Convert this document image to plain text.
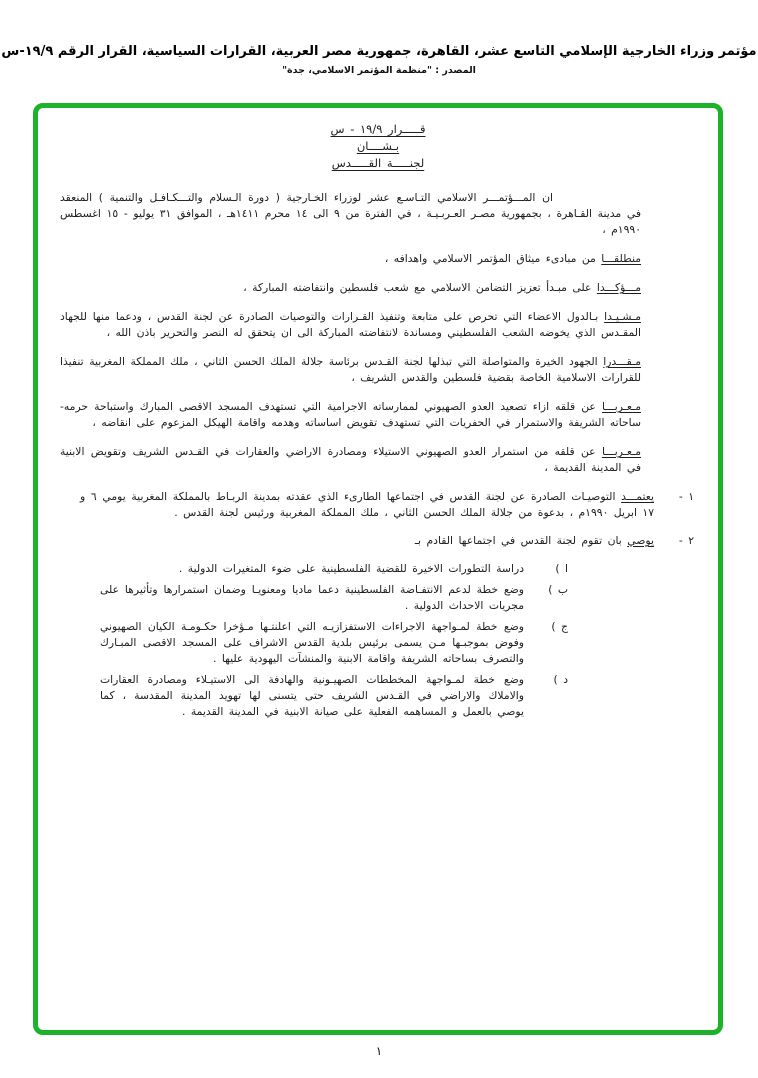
مؤتمر وزراء الخارجية الإسلامي التاسع عشر، القاهرة، جمهورية مصر العربية، القرارات السياسية، القرار الرقم ١٩/٩-س
المصدر : "منظمة المؤتمر الاسلامي، جدة"
قـــــرار ١٩/٩ - س
بـشــــان
لجنـــــة القـــــدس

ان المـــؤتمـــر الاسلامي التـاسـع عشر لوزراء الخـارجية ( دورة الـسلام والتـــكـافـل والتنمية ) المنعقد في مدينة القـاهرة ، بجمهورية مصـر العـربـيـة ، في الفترة من ٩ الى ١٤ محرم ١٤١١هـ ، الموافق ٣١ يوليو - ١٥ اغسطس ١٩٩٠م ،

منطلقـــا من مبادىء ميثاق المؤتمر الاسلامي واهدافه ،

مـــؤكـــدا على مبـدأ تعزيز التضامن الاسلامي مع شعب فلسطين وانتفاضته المباركة ،

مـشـيـدا بـالدول الاعضاء التي تحرص على متابعة وتنفيذ القـرارات والتوصيات الصادرة عن لجنة القدس ، ودعما منها للجهاد المقـدس الذي يخوضه الشعب الفلسطيني ومساندة لانتفاضته المباركة الى ان يتحقق له النصر والتحرير باذن الله ،

مـقـــدرا الجهود الخيرة والمتواصلة التي تبذلها لجنة القـدس برئاسة جلالة الملك الحسن الثاني ، ملك المملكة المغربية تنفيذا للقرارات الاسلامية الخاصة بقضية فلسطين والقدس الشريف ،

مـعـربـــا عن قلقه ازاء تصعيد العدو الصهيوني لممارساته الاجرامية التي تستهدف المسجد الاقصى المبارك واستباحة حرمه- ساحاته الشريفة والاستمرار في الحفريات التي تستهدف تقويض اساساته وهدمه واقامة الهيكل المزعوم على انقاضه ،

مـعـربـــا عن قلقه من استمرار العدو الصهيوني الاستيلاء ومصادرة الاراضي والعقارات في القـدس الشريف وتقويض الابنية في المدينة القديمة ،

١ -

يعتمـــد التوصيـات الصادرة عن لجنة القدس في اجتماعها الطارىء الذي عقدته بمدينة الربـاط بالمملكة المغربية يومي ٦ و ١٧ ابريل ١٩٩٠م ، بدعوة من جلالة الملك الحسن الثاني ، ملك المملكة المغربية ورئيس لجنة القدس .

٢ -

يوصي بان تقوم لجنة القدس في اجتماعها القادم بـ

ا )

دراسة التطورات الاخيرة للقضية الفلسطينية على ضوء المتغيرات الدولية .

ب )

وضع خطة لدعم الانتفـاضة الفلسطينية دعما ماديا ومعنويـا وضمان استمرارها وتأثيرها على مجريات الاحداث الدولية .

ج )

وضع خطة لمـواجهة الاجراءات الاستفزازيـه التي اعلنتـها مـؤخرا حكـومـة الكيان الصهيوني وفوض بموجبـها مـن يسمى برئيس بلدية القدس الاشراف على المسجد الاقصى المبـارك والتصرف بساحاته الشريفة واقامة الابنية والمنشآت اليهودية عليها .

د )

وضع خطة لمـواجهة المخططات الصهيـونية والهادفة الى الاستيـلاء ومصادرة العقارات والاملاك والاراضي في القـدس الشريف حتى يتسنى لها تهويد المدينة المقدسة ، كما يوصي بالعمل و المساهمه الفعلية على صيانة الابنية في المدينة القديمة .

١
